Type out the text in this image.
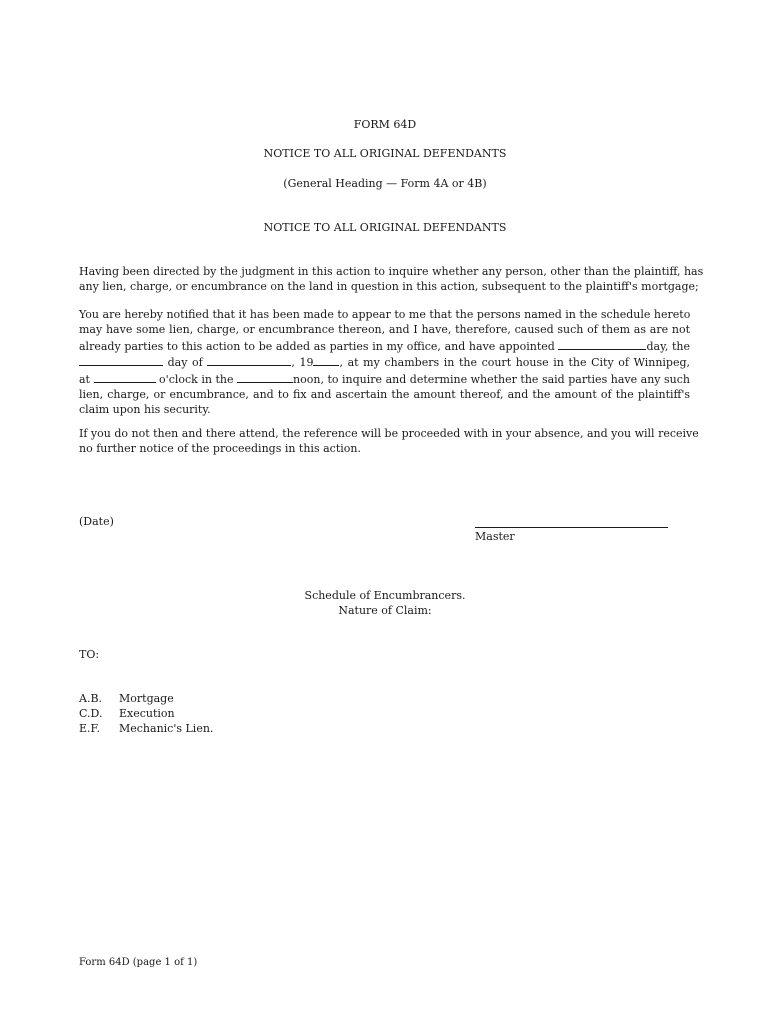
FORM 64D
NOTICE TO ALL ORIGINAL DEFENDANTS
(General Heading — Form 4A or 4B)
NOTICE TO ALL ORIGINAL DEFENDANTS
Having been directed by the judgment in this action to inquire whether any person, other than the plaintiff, has
any lien, charge, or encumbrance on the land in question in this action, subsequent to the plaintiff's mortgage;
You are hereby notified that it has been made to appear to me that the persons named in the schedule hereto
may have some lien, charge, or encumbrance thereon, and I have, therefore, caused such of them as are not
already parties to this action to be added as parties in my office, and have appointed	day, the
day of	, 19 , at my chambers in the court house in the City of Winnipeg,
at	o'clock in the	noon, to inquire and determine whether the said parties have any such
lien, charge, or encumbrance, and to fix and ascertain the amount thereof, and the amount of the plaintiff's
claim upon his security.
If you do not then and there attend, the reference will be proceeded with in your absence, and you will receive
no further notice of the proceedings in this action.
(Date)
Master
Schedule of Encumbrancers.
Nature of Claim:
TO:
A.B. Mortgage
C.D. Execution
E.F. Mechanic's Lien.
Form 64D (page 1 of 1)
